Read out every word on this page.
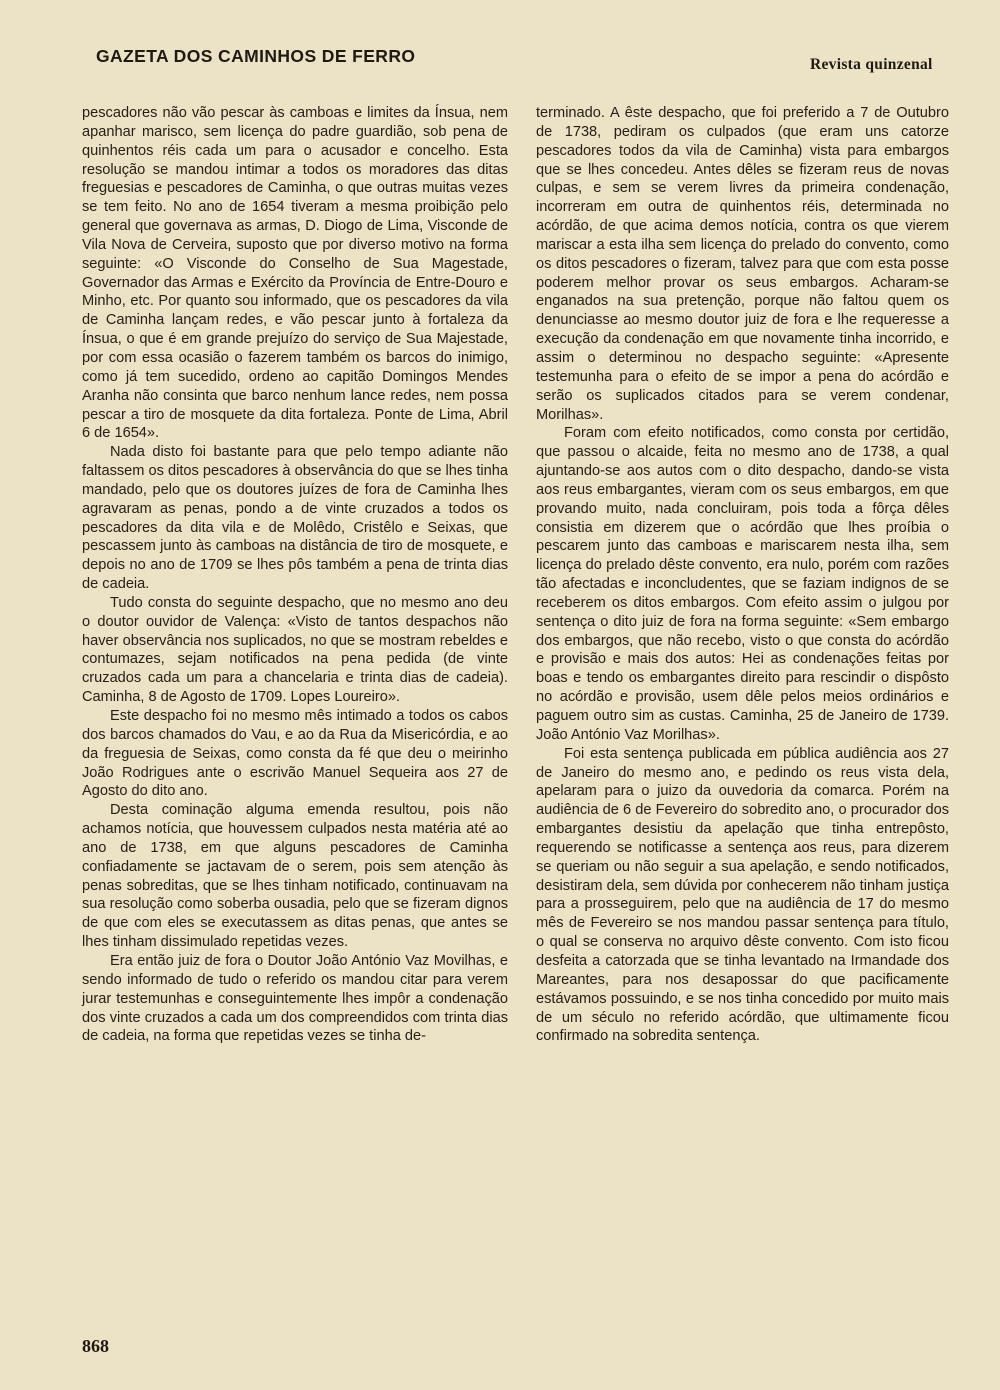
GAZETA DOS CAMINHOS DE FERRO	Revista quinzenal

pescadores não vão pescar às camboas e limites da Ínsua, nem apanhar marisco, sem licença do padre guardião, sob pena de quinhentos réis cada um para o acusador e concelho. Esta resolução se mandou intimar a todos os moradores das ditas freguesias e pescadores de Caminha, o que outras muitas vezes se tem feito. No ano de 1654 tiveram a mesma proibição pelo general que governava as armas, D. Diogo de Lima, Visconde de Vila Nova de Cerveira, suposto que por diverso motivo na forma seguinte: «O Visconde do Conselho de Sua Magestade, Governador das Armas e Exército da Província de Entre-Douro e Minho, etc. Por quanto sou informado, que os pescadores da vila de Caminha lançam redes, e vão pescar junto à fortaleza da Ínsua, o que é em grande prejuízo do serviço de Sua Majestade, por com essa ocasião o fazerem também os barcos do inimigo, como já tem sucedido, ordeno ao capitão Domingos Mendes Aranha não consinta que barco nenhum lance redes, nem possa pescar a tiro de mosquete da dita fortaleza. Ponte de Lima, Abril 6 de 1654».

Nada disto foi bastante para que pelo tempo adiante não faltassem os ditos pescadores à observância do que se lhes tinha mandado, pelo que os doutores juízes de fora de Caminha lhes agravaram as penas, pondo a de vinte cruzados a todos os pescadores da dita vila e de Molêdo, Cristêlo e Seixas, que pescassem junto às camboas na distância de tiro de mosquete, e depois no ano de 1709 se lhes pôs também a pena de trinta dias de cadeia.

Tudo consta do seguinte despacho, que no mesmo ano deu o doutor ouvidor de Valença: «Visto de tantos despachos não haver observância nos suplicados, no que se mostram rebeldes e contumazes, sejam notificados na pena pedida (de vinte cruzados cada um para a chancelaria e trinta dias de cadeia). Caminha, 8 de Agosto de 1709. Lopes Loureiro».

Este despacho foi no mesmo mês intimado a todos os cabos dos barcos chamados do Vau, e ao da Rua da Misericórdia, e ao da freguesia de Seixas, como consta da fé que deu o meirinho João Rodrigues ante o escrivão Manuel Sequeira aos 27 de Agosto do dito ano.

Desta cominação alguma emenda resultou, pois não achamos notícia, que houvessem culpados nesta matéria até ao ano de 1738, em que alguns pescadores de Caminha confiadamente se jactavam de o serem, pois sem atenção às penas sobreditas, que se lhes tinham notificado, continuavam na sua resolução como soberba ousadia, pelo que se fizeram dignos de que com eles se executassem as ditas penas, que antes se lhes tinham dissimulado repetidas vezes.

Era então juiz de fora o Doutor João António Vaz Movilhas, e sendo informado de tudo o referido os mandou citar para verem jurar testemunhas e conseguintemente lhes impôr a condenação dos vinte cruzados a cada um dos compreendidos com trinta dias de cadeia, na forma que repetidas vezes se tinha de-

terminado. A êste despacho, que foi preferido a 7 de Outubro de 1738, pediram os culpados (que eram uns catorze pescadores todos da vila de Caminha) vista para embargos que se lhes concedeu. Antes dêles se fizeram reus de novas culpas, e sem se verem livres da primeira condenação, incorreram em outra de quinhentos réis, determinada no acórdão, de que acima demos notícia, contra os que vierem mariscar a esta ilha sem licença do prelado do convento, como os ditos pescadores o fizeram, talvez para que com esta posse poderem melhor provar os seus embargos. Acharam-se enganados na sua pretenção, porque não faltou quem os denunciasse ao mesmo doutor juiz de fora e lhe requeresse a execução da condenação em que novamente tinha incorrido, e assim o determinou no despacho seguinte: «Apresente testemunha para o efeito de se impor a pena do acórdão e serão os suplicados citados para se verem condenar, Morilhas».

Foram com efeito notificados, como consta por certidão, que passou o alcaide, feita no mesmo ano de 1738, a qual ajuntando-se aos autos com o dito despacho, dando-se vista aos reus embargantes, vieram com os seus embargos, em que provando muito, nada concluiram, pois toda a fôrça dêles consistia em dizerem que o acórdão que lhes proíbia o pescarem junto das camboas e mariscarem nesta ilha, sem licença do prelado dêste convento, era nulo, porém com razões tão afectadas e inconcludentes, que se faziam indignos de se receberem os ditos embargos. Com efeito assim o julgou por sentença o dito juiz de fora na forma seguinte: «Sem embargo dos embargos, que não recebo, visto o que consta do acórdão e provisão e mais dos autos: Hei as condenações feitas por boas e tendo os embargantes direito para rescindir o dispôsto no acórdão e provisão, usem dêle pelos meios ordinários e paguem outro sim as custas. Caminha, 25 de Janeiro de 1739. João António Vaz Morilhas».

Foi esta sentença publicada em pública audiência aos 27 de Janeiro do mesmo ano, e pedindo os reus vista dela, apelaram para o juizo da ouvedoria da comarca. Porém na audiência de 6 de Fevereiro do sobredito ano, o procurador dos embargantes desistiu da apelação que tinha entrepôsto, requerendo se notificasse a sentença aos reus, para dizerem se queriam ou não seguir a sua apelação, e sendo notificados, desistiram dela, sem dúvida por conhecerem não tinham justiça para a prosseguirem, pelo que na audiência de 17 do mesmo mês de Fevereiro se nos mandou passar sentença para título, o qual se conserva no arquivo dêste convento. Com isto ficou desfeita a catorzada que se tinha levantado na Irmandade dos Mareantes, para nos desapossar do que pacificamente estávamos possuindo, e se nos tinha concedido por muito mais de um século no referido acórdão, que ultimamente ficou confirmado na sobredita sentença.

868
